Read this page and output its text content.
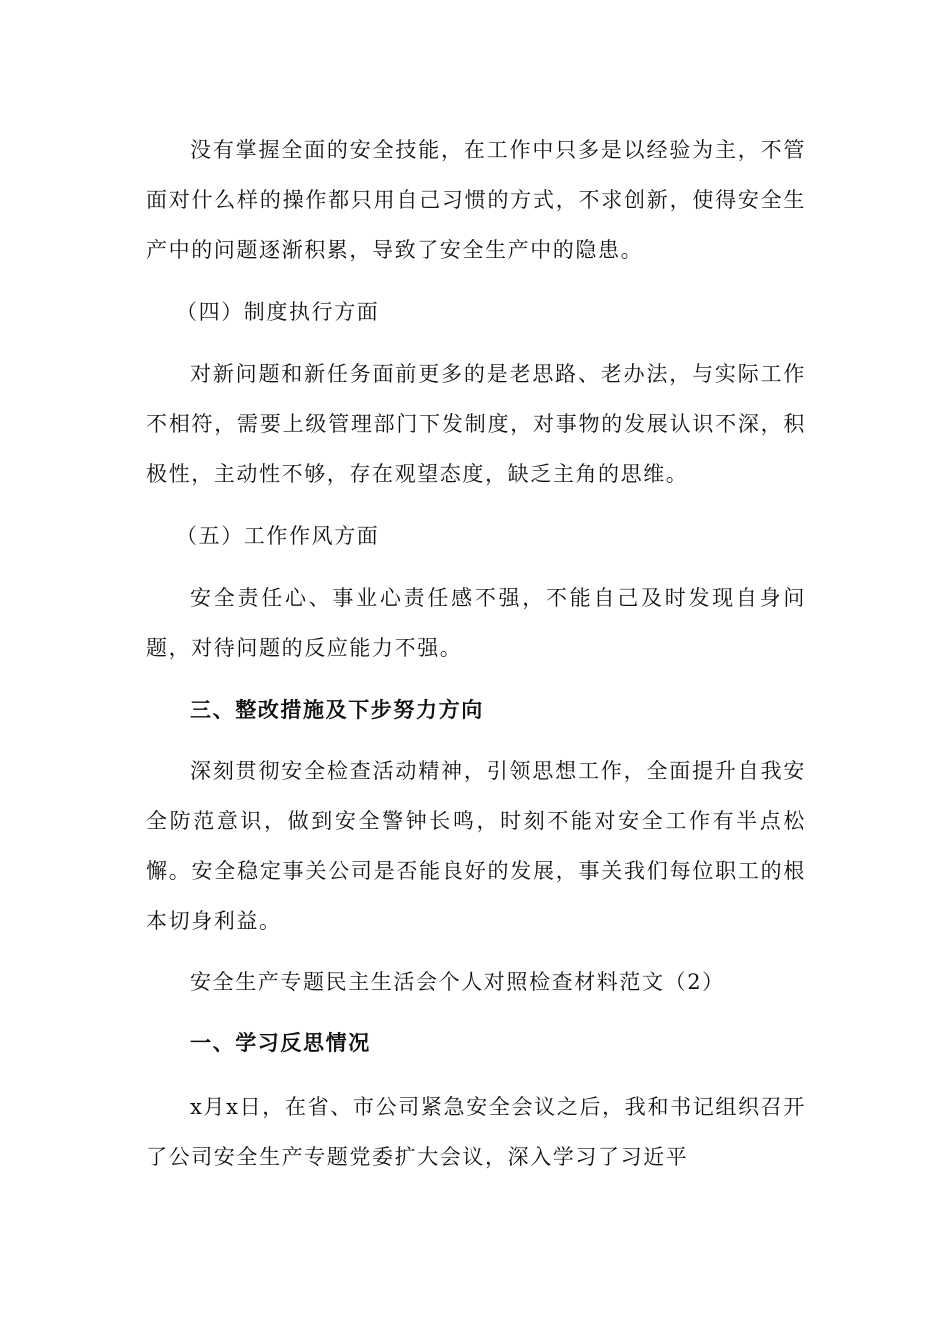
没有掌握全面的安全技能，在工作中只多是以经验为主，不管面对什么样的操作都只用自己习惯的方式，不求创新，使得安全生产中的问题逐渐积累，导致了安全生产中的隐患。

（四）制度执行方面

对新问题和新任务面前更多的是老思路、老办法，与实际工作不相符，需要上级管理部门下发制度，对事物的发展认识不深，积极性，主动性不够，存在观望态度，缺乏主角的思维。

（五）工作作风方面

安全责任心、事业心责任感不强，不能自己及时发现自身问题，对待问题的反应能力不强。

三、整改措施及下步努力方向

深刻贯彻安全检查活动精神，引领思想工作，全面提升自我安全防范意识，做到安全警钟长鸣，时刻不能对安全工作有半点松懈。安全稳定事关公司是否能良好的发展，事关我们每位职工的根本切身利益。

安全生产专题民主生活会个人对照检查材料范文（2）

一、学习反思情况

x月x日，在省、市公司紧急安全会议之后，我和书记组织召开了公司安全生产专题党委扩大会议，深入学习了习近平
